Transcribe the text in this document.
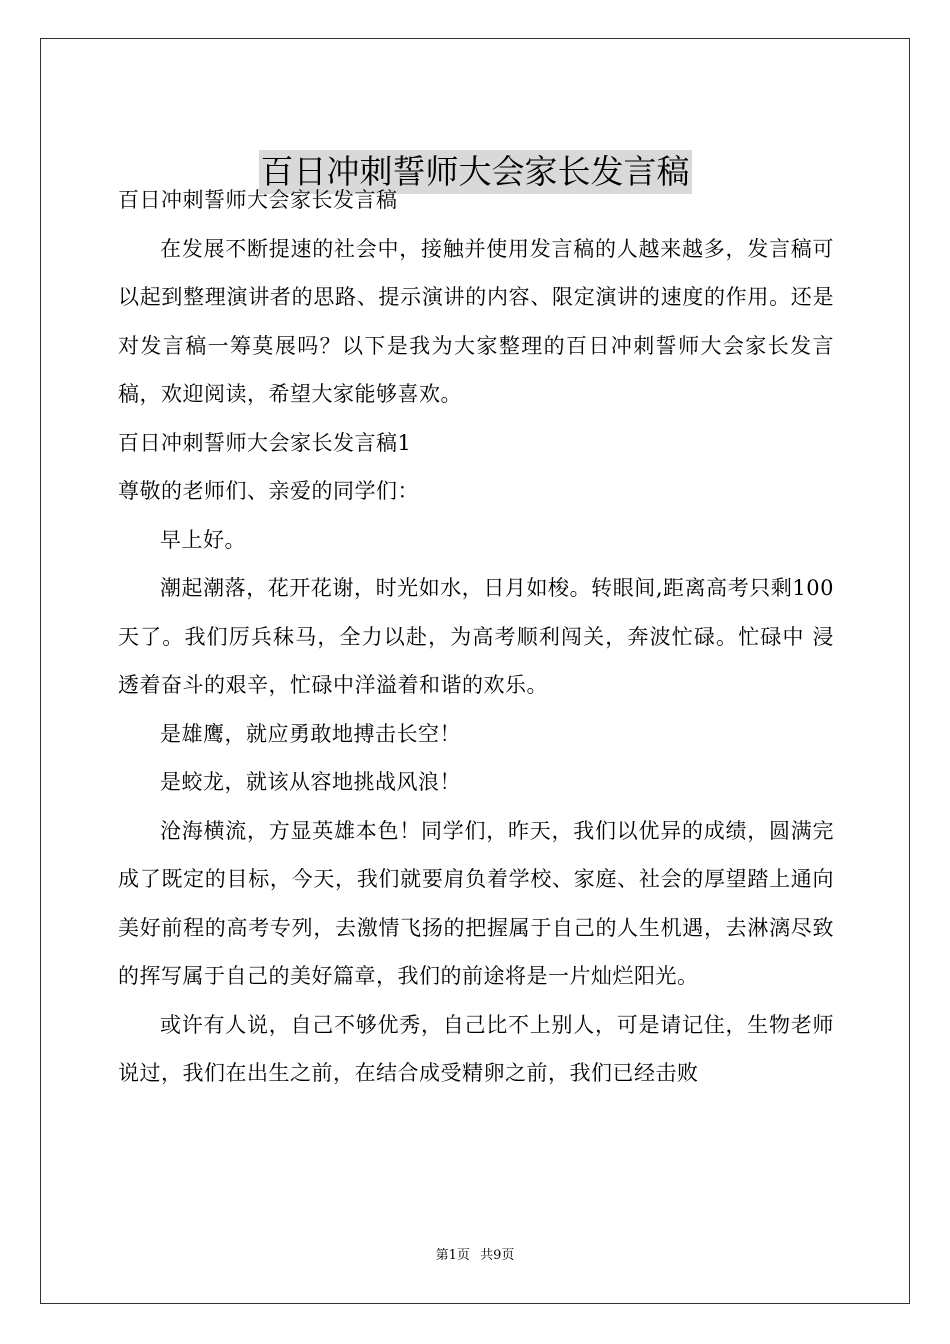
百日冲刺誓师大会家长发言稿

百日冲刺誓师大会家长发言稿

在发展不断提速的社会中，接触并使用发言稿的人越来越多，发言稿可以起到整理演讲者的思路、提示演讲的内容、限定演讲的速度的作用。还是对发言稿一筹莫展吗？以下是我为大家整理的百日冲刺誓师大会家长发言稿，欢迎阅读，希望大家能够喜欢。

百日冲刺誓师大会家长发言稿1

尊敬的老师们、亲爱的同学们：

早上好。

潮起潮落，花开花谢，时光如水，日月如梭。转眼间,距离高考只剩100天了。我们厉兵秣马，全力以赴，为高考顺利闯关，奔波忙碌。忙碌中 浸透着奋斗的艰辛，忙碌中洋溢着和谐的欢乐。

是雄鹰，就应勇敢地搏击长空！

是蛟龙，就该从容地挑战风浪！

沧海横流，方显英雄本色！同学们，昨天，我们以优异的成绩，圆满完成了既定的目标，今天，我们就要肩负着学校、家庭、社会的厚望踏上通向美好前程的高考专列，去激情飞扬的把握属于自己的人生机遇，去淋漓尽致的挥写属于自己的美好篇章，我们的前途将是一片灿烂阳光。

或许有人说，自己不够优秀，自己比不上别人，可是请记住，生物老师说过，我们在出生之前，在结合成受精卵之前，我们已经击败

第1页 共9页
